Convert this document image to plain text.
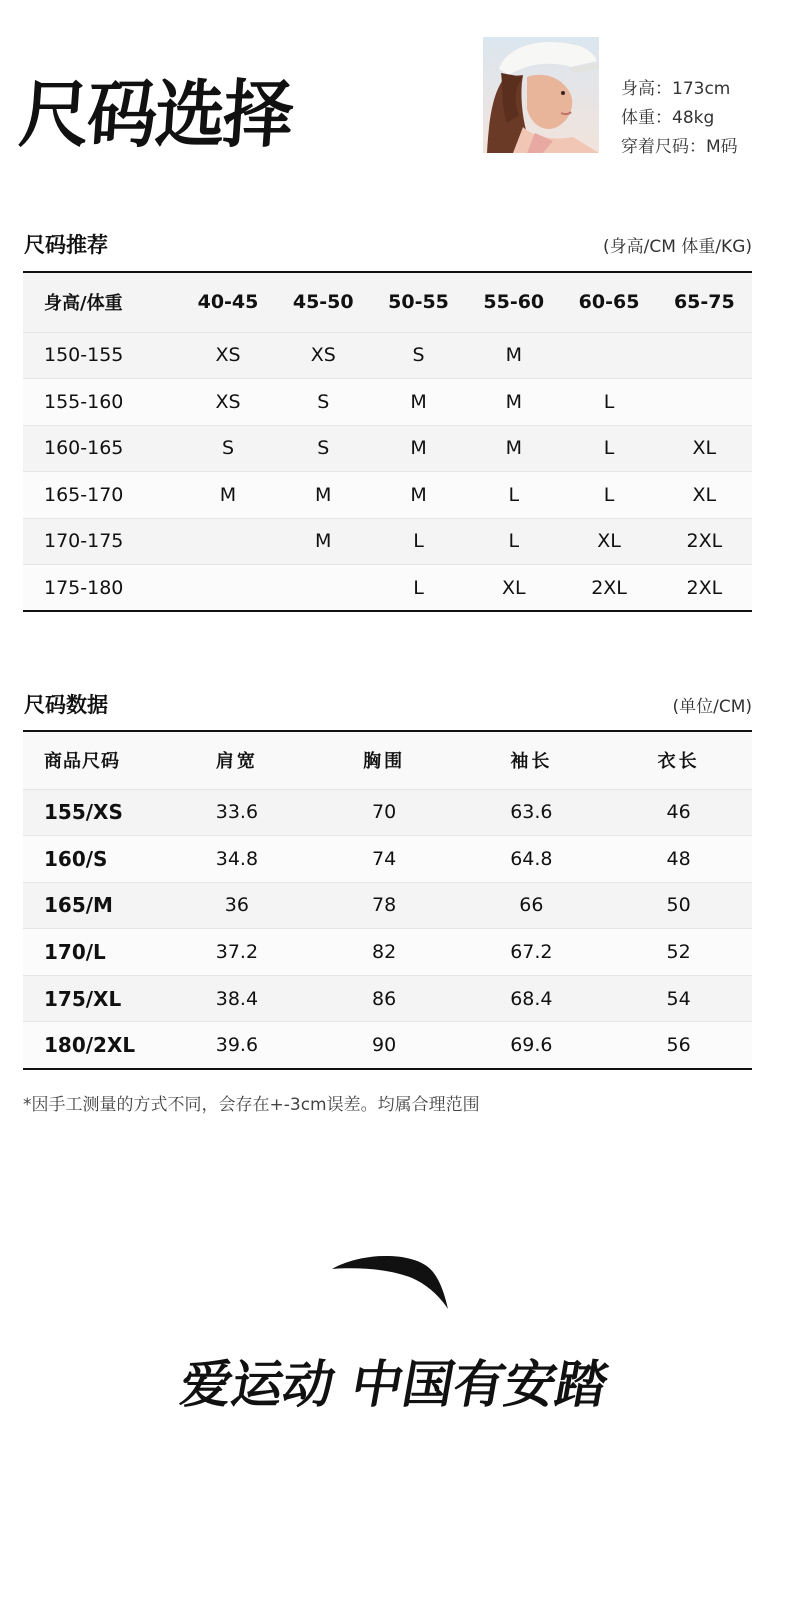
尺码选择	身高：173cm
体重：48kg
穿着尺码：M码
尺码推荐	(身高/CM 体重/KG)
身高/体重	40-45	45-50	50-55	55-60	60-65	65-75
150-155	XS	XS	S	M		
155-160	XS	S	M	M	L	
160-165	S	S	M	M	L	XL
165-170	M	M	M	L	L	XL
170-175		M	L	L	XL	2XL
175-180			L	XL	2XL	2XL
尺码数据	(单位/CM)
商品尺码	肩宽	胸围	袖长	衣长
155/XS	33.6	70	63.6	46
160/S	34.8	74	64.8	48
165/M	36	78	66	50
170/L	37.2	82	67.2	52
175/XL	38.4	86	68.4	54
180/2XL	39.6	90	69.6	56
*因手工测量的方式不同，会存在+-3cm误差。均属合理范围
爱运动 中国有安踏
